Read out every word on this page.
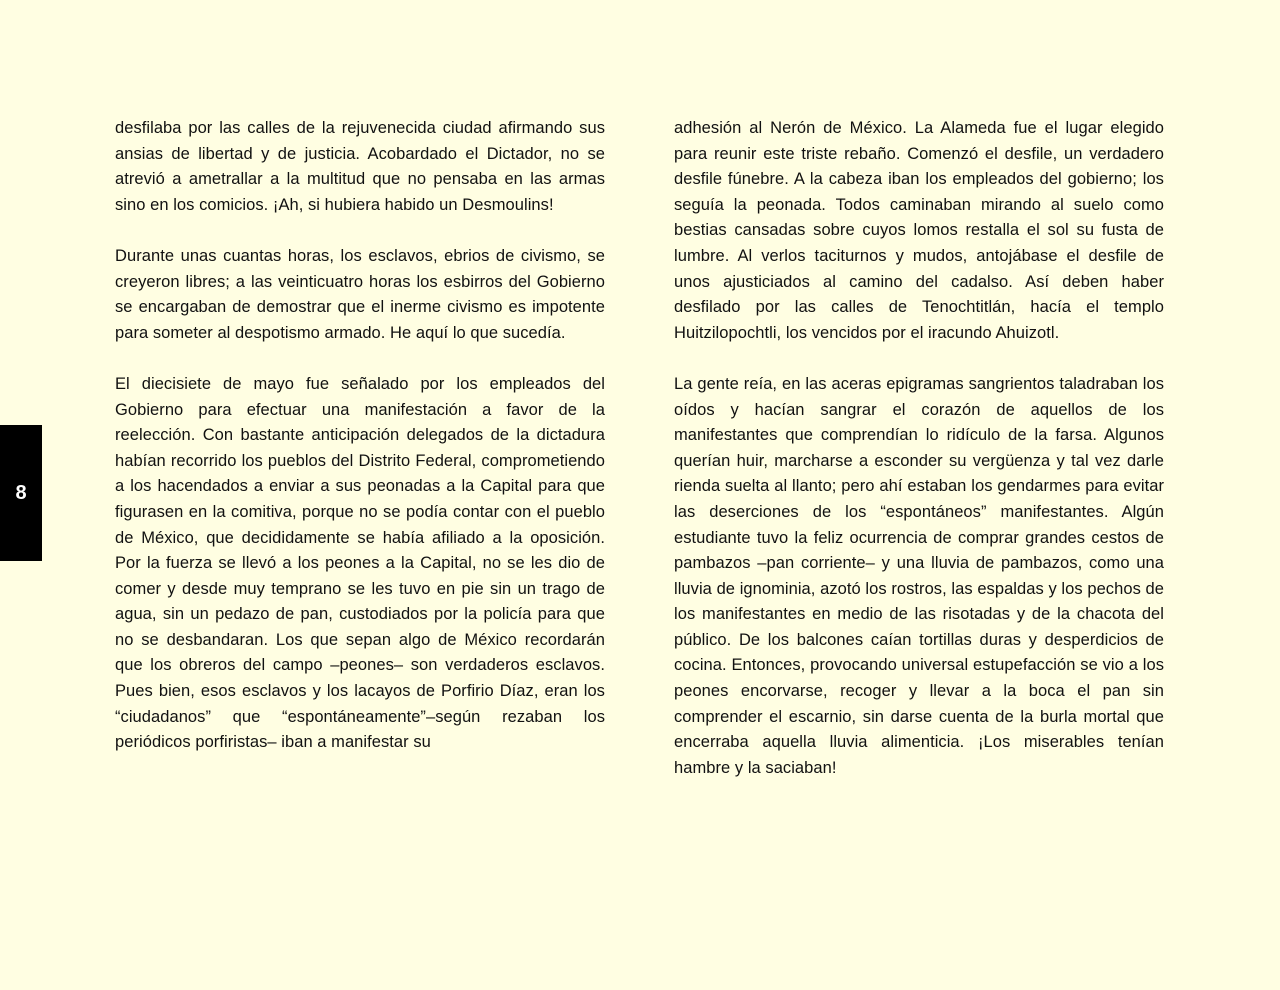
8

desfilaba por las calles de la rejuvenecida ciudad afirmando sus ansias de libertad y de justicia. Acobardado el Dictador, no se atrevió a ametrallar a la multitud que no pensaba en las armas sino en los comicios. ¡Ah, si hubiera habido un Desmoulins!

Durante unas cuantas horas, los esclavos, ebrios de civismo, se creyeron libres; a las veinticuatro horas los esbirros del Gobierno se encargaban de demostrar que el inerme civismo es impotente para someter al despotismo armado. He aquí lo que sucedía.

El diecisiete de mayo fue señalado por los empleados del Gobierno para efectuar una manifestación a favor de la reelección. Con bastante anticipación delegados de la dictadura habían recorrido los pueblos del Distrito Federal, comprometiendo a los hacendados a enviar a sus peonadas a la Capital para que figurasen en la comitiva, porque no se podía contar con el pueblo de México, que decididamente se había afiliado a la oposición. Por la fuerza se llevó a los peones a la Capital, no se les dio de comer y desde muy temprano se les tuvo en pie sin un trago de agua, sin un pedazo de pan, custodiados por la policía para que no se desbandaran. Los que sepan algo de México recordarán que los obreros del campo –peones– son verdaderos esclavos. Pues bien, esos esclavos y los lacayos de Porfirio Díaz, eran los “ciudadanos” que “espontáneamente”–según rezaban los periódicos porfiristas– iban a manifestar su

adhesión al Nerón de México. La Alameda fue el lugar elegido para reunir este triste rebaño. Comenzó el desfile, un verdadero desfile fúnebre. A la cabeza iban los empleados del gobierno; los seguía la peonada. Todos caminaban mirando al suelo como bestias cansadas sobre cuyos lomos restalla el sol su fusta de lumbre. Al verlos taciturnos y mudos, antojábase el desfile de unos ajusticiados al camino del cadalso. Así deben haber desfilado por las calles de Tenochtitlán, hacía el templo Huitzilopochtli, los vencidos por el iracundo Ahuizotl.

La gente reía, en las aceras epigramas sangrientos taladraban los oídos y hacían sangrar el corazón de aquellos de los manifestantes que comprendían lo ridículo de la farsa. Algunos querían huir, marcharse a esconder su vergüenza y tal vez darle rienda suelta al llanto; pero ahí estaban los gendarmes para evitar las deserciones de los “espontáneos” manifestantes. Algún estudiante tuvo la feliz ocurrencia de comprar grandes cestos de pambazos –pan corriente– y una lluvia de pambazos, como una lluvia de ignominia, azotó los rostros, las espaldas y los pechos de los manifestantes en medio de las risotadas y de la chacota del público. De los balcones caían tortillas duras y desperdicios de cocina. Entonces, provocando universal estupefacción se vio a los peones encorvarse, recoger y llevar a la boca el pan sin comprender el escarnio, sin darse cuenta de la burla mortal que encerraba aquella lluvia alimenticia. ¡Los miserables tenían hambre y la saciaban!
